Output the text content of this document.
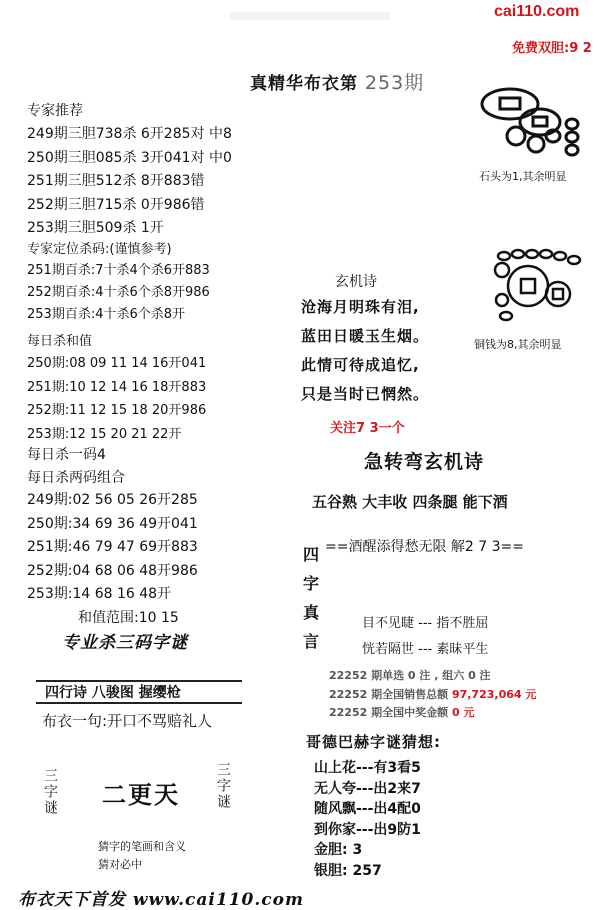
cai110.com
免费双胆:9 2
真精华布衣第 253期
专家推荐
249期三胆738杀 6开285对 中8
250期三胆085杀 3开041对 中0
251期三胆512杀 8开883错
252期三胆715杀 0开986错
253期三胆509杀 1开
专家定位杀码:(谨慎参考)
251期百杀:7十杀4个杀6开883
252期百杀:4十杀6个杀8开986
253期百杀:4十杀6个杀8开
每日杀和值
250期:08 09 11 14 16开041
251期:10 12 14 16 18开883
252期:11 12 15 18 20开986
253期:12 15 20 21 22开
每日杀一码4
每日杀两码组合
249期:02 56 05 26开285
250期:34 69 36 49开041
251期:46 79 47 69开883
252期:04 68 06 48开986
253期:14 68 16 48开
和值范围:10 15
专业杀三码字谜
四行诗 八骏图 握缨枪
布衣一句:开口不骂赔礼人
三字谜 二更天	三字谜
猜字的笔画和含义
猜对必中
石头为1,其余明显
铜钱为8,其余明显
玄机诗
沧海月明珠有泪,
蓝田日暖玉生烟。
此情可待成追忆,
只是当时已惘然。
关注7 3一个
急转弯玄机诗
五谷熟 大丰收 四条腿 能下酒
四
字
真
言
==酒醒添得愁无限 解2 7 3==
目不见睫 --- 指不胜屈
恍若隔世 --- 素昧平生
22252 期单选 0 注 , 组六 0 注
22252 期全国销售总额 97,723,064 元
22252 期全国中奖金额 0 元
哥德巴赫字谜猜想:
山上花---有3看5
无人夸---出2来7
随风飘---出4配0
到你家---出9防1
金胆: 3
银胆: 257
布衣天下首发 www.cai110.com
